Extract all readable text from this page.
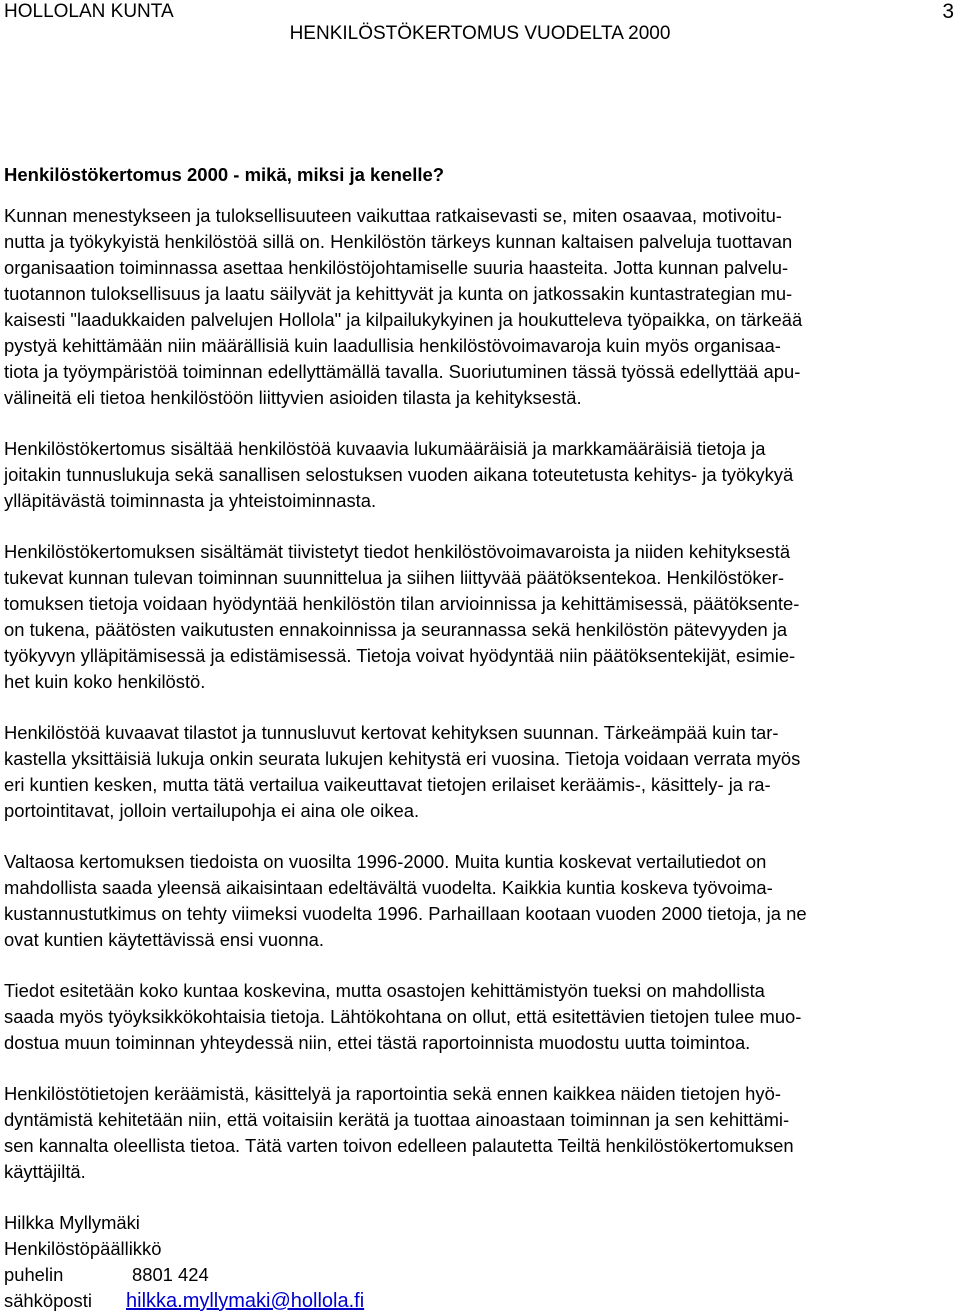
HOLLOLAN KUNTA	3
HENKILÖSTÖKERTOMUS VUODELTA 2000
Henkilöstökertomus 2000 - mikä, miksi ja kenelle?

Kunnan menestykseen ja tuloksellisuuteen vaikuttaa ratkaisevasti se, miten osaavaa, motivoitu-
nutta ja työkykyistä henkilöstöä sillä on. Henkilöstön tärkeys kunnan kaltaisen palveluja tuottavan
organisaation toiminnassa asettaa henkilöstöjohtamiselle suuria haasteita. Jotta kunnan palvelu-
tuotannon tuloksellisuus ja laatu säilyvät ja kehittyvät ja kunta on jatkossakin kuntastrategian mu-
kaisesti "laadukkaiden palvelujen Hollola" ja kilpailukykyinen ja houkutteleva työpaikka, on tärkeää
pystyä kehittämään niin määrällisiä kuin laadullisia henkilöstövoimavaroja kuin myös organisaa-
tiota ja työympäristöä toiminnan edellyttämällä tavalla. Suoriutuminen tässä työssä edellyttää apu-
välineitä eli tietoa henkilöstöön liittyvien asioiden tilasta ja kehityksestä.

Henkilöstökertomus sisältää henkilöstöä kuvaavia lukumääräisiä ja markkamääräisiä tietoja ja
joitakin tunnuslukuja sekä sanallisen selostuksen vuoden aikana toteutetusta kehitys- ja työkykyä
ylläpitävästä toiminnasta ja yhteistoiminnasta.

Henkilöstökertomuksen sisältämät tiivistetyt tiedot henkilöstövoimavaroista ja niiden kehityksestä
tukevat kunnan tulevan toiminnan suunnittelua ja siihen liittyvää päätöksentekoa. Henkilöstöker-
tomuksen tietoja voidaan hyödyntää henkilöstön tilan arvioinnissa ja kehittämisessä, päätöksente-
on tukena, päätösten vaikutusten ennakoinnissa ja seurannassa sekä henkilöstön pätevyyden ja
työkyvyn ylläpitämisessä ja edistämisessä. Tietoja voivat hyödyntää niin päätöksentekijät, esimie-
het kuin koko henkilöstö.

Henkilöstöä kuvaavat tilastot ja tunnusluvut kertovat kehityksen suunnan. Tärkeämpää kuin tar-
kastella yksittäisiä lukuja onkin seurata lukujen kehitystä eri vuosina. Tietoja voidaan verrata myös
eri kuntien kesken, mutta tätä vertailua vaikeuttavat tietojen erilaiset keräämis-, käsittely- ja ra-
portointitavat, jolloin vertailupohja ei aina ole oikea.

Valtaosa kertomuksen tiedoista on vuosilta 1996-2000. Muita kuntia koskevat vertailutiedot on
mahdollista saada yleensä aikaisintaan edeltävältä vuodelta. Kaikkia kuntia koskeva työvoima-
kustannustutkimus on tehty viimeksi vuodelta 1996. Parhaillaan kootaan vuoden 2000 tietoja, ja ne
ovat kuntien käytettävissä ensi vuonna.

Tiedot esitetään koko kuntaa koskevina, mutta osastojen kehittämistyön tueksi on mahdollista
saada myös työyksikkökohtaisia tietoja. Lähtökohtana on ollut, että esitettävien tietojen tulee muo-
dostua muun toiminnan yhteydessä niin, ettei tästä raportoinnista muodostu uutta toimintoa.

Henkilöstötietojen keräämistä, käsittelyä ja raportointia sekä ennen kaikkea näiden tietojen hyö-
dyntämistä kehitetään niin, että voitaisiin kerätä ja tuottaa ainoastaan toiminnan ja sen kehittämi-
sen kannalta oleellista tietoa. Tätä varten toivon edelleen palautetta Teiltä henkilöstökertomuksen
käyttäjiltä.

Hilkka Myllymäki
Henkilöstöpäällikkö
puhelin	8801 424
sähköposti hilkka.myllymaki@hollola.fi
